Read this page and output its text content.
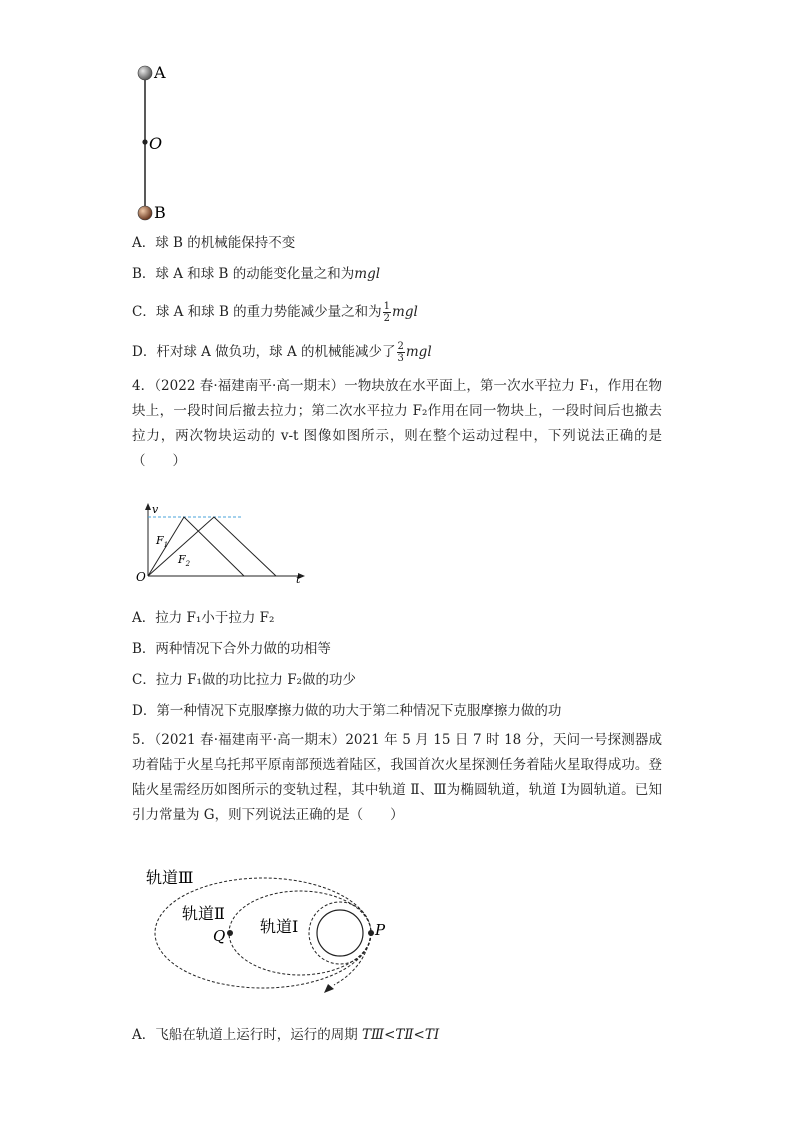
A
O
B
A．球 B 的机械能保持不变
B．球 A 和球 B 的动能变化量之和为mgl
C．球 A 和球 B 的重力势能减少量之和为 $\frac{1}{2}$ mgl
D．杆对球 A 做负功，球 A 的机械能减少了 $\frac{2}{3}$ mgl
4．（2022 春·福建南平·高一期末）一物块放在水平面上，第一次水平拉力 F₁，作用在物块上，一段时间后撤去拉力；第二次水平拉力 F₂作用在同一物块上，一段时间后也撤去拉力，两次物块运动的 v-t 图像如图所示，则在整个运动过程中，下列说法正确的是（　　）
v
t
O
$F_1$
$F_2$
A．拉力 F₁小于拉力 F₂
B．两种情况下合外力做的功相等
C．拉力 F₁做的功比拉力 F₂做的功少
D．第一种情况下克服摩擦力做的功大于第二种情况下克服摩擦力做的功
5．（2021 春·福建南平·高一期末）2021 年 5 月 15 日 7 时 18 分，天问一号探测器成功着陆于火星乌托邦平原南部预选着陆区，我国首次火星探测任务着陆火星取得成功。登陆火星需经历如图所示的变轨过程，其中轨道 Ⅱ、Ⅲ为椭圆轨道，轨道 Ⅰ为圆轨道。已知引力常量为 G，则下列说法正确的是（　　）
轨道Ⅲ
轨道Ⅱ
轨道Ⅰ
Q	P
A．飞船在轨道上运行时，运行的周期 TⅢ<TⅡ<TⅠ
